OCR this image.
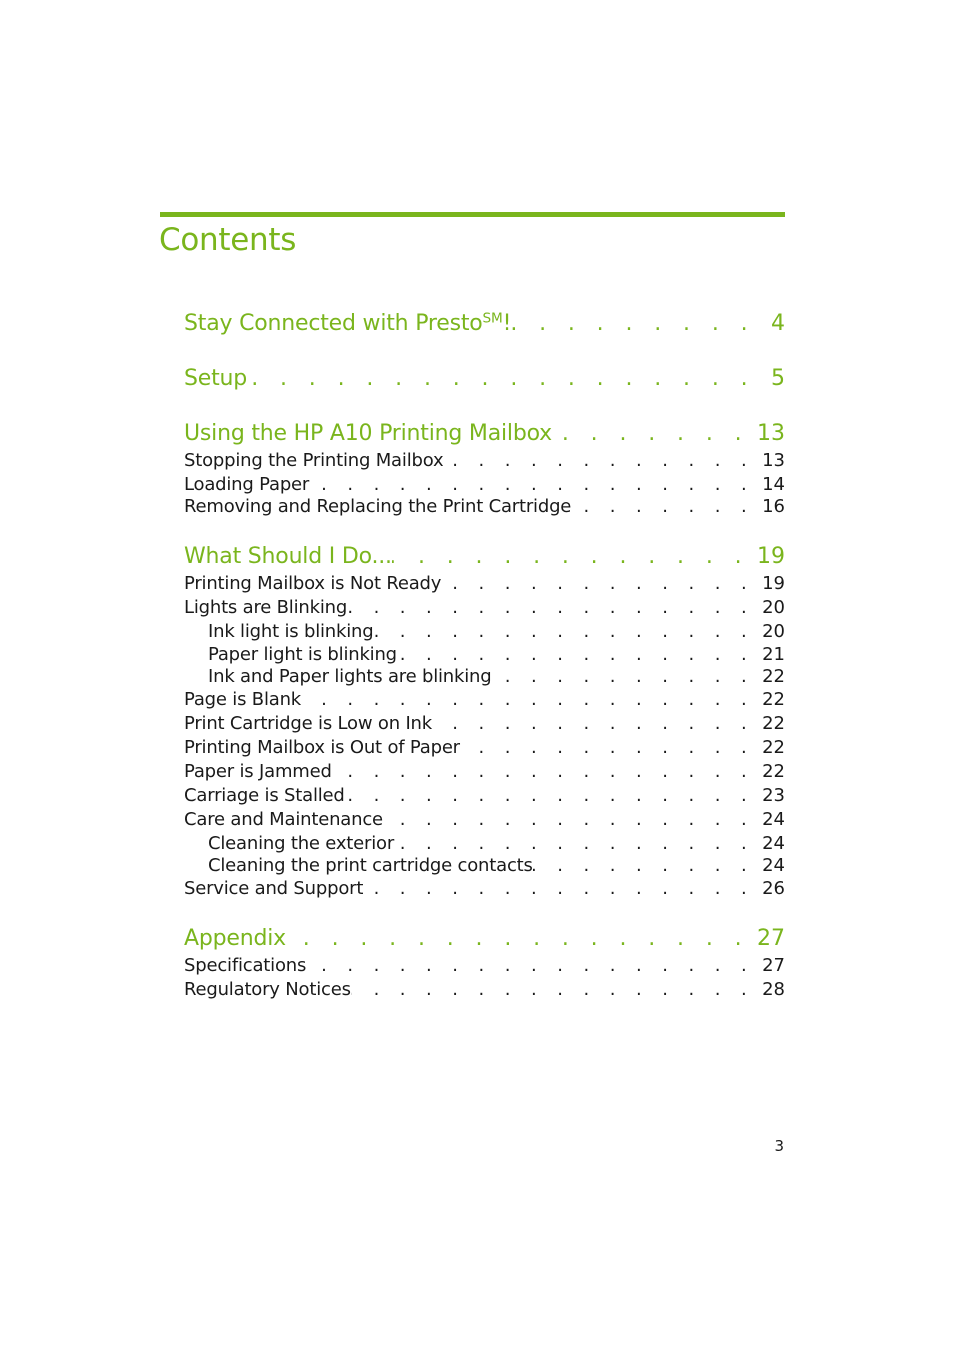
Contents
Stay Connected with Presto℠! . . .	4
Setup . . .	5
Using the HP A10 Printing Mailbox . . .	13
Stopping the Printing Mailbox . . .	13
Loading Paper . . .	14
Removing and Replacing the Print Cartridge . . .	16
What Should I Do... . . .	19
Printing Mailbox is Not Ready . . .	19
Lights are Blinking . . .	20
Ink light is blinking . . .	20
Paper light is blinking . . .	21
Ink and Paper lights are blinking . . .	22
Page is Blank . . .	22
Print Cartridge is Low on Ink . . .	22
Printing Mailbox is Out of Paper . . .	22
Paper is Jammed . . .	22
Carriage is Stalled . . .	23
Care and Maintenance . . .	24
Cleaning the exterior . . .	24
Cleaning the print cartridge contacts . . .	24
Service and Support . . .	26
Appendix . . .	27
Specifications . . .	27
Regulatory Notices . . .	28
3
